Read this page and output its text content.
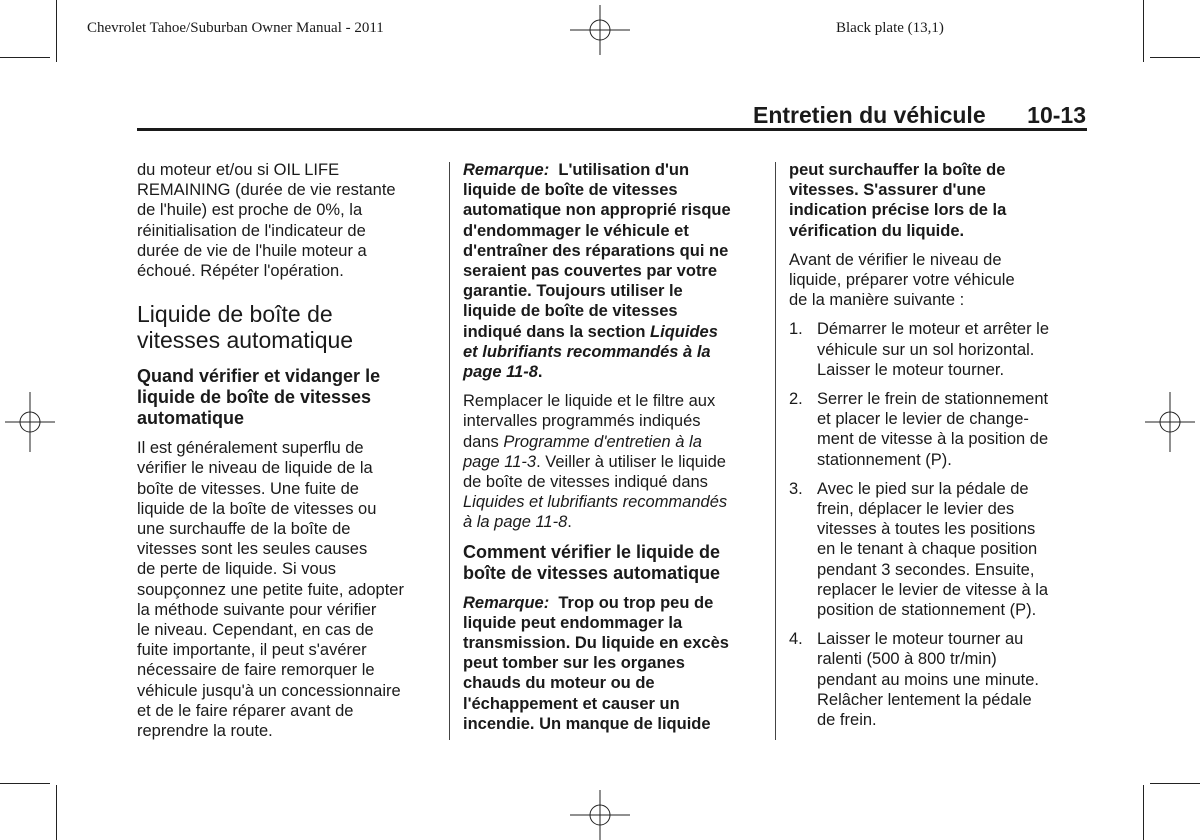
Chevrolet Tahoe/Suburban Owner Manual - 2011	Black plate (13,1)
Entretien du véhicule 10-13

du moteur et/ou si OIL LIFE
REMAINING (durée de vie restante
de l'huile) est proche de 0%, la
réinitialisation de l'indicateur de
durée de vie de l'huile moteur a
échoué. Répéter l'opération.

Liquide de boîte de
vitesses automatique
Quand vérifier et vidanger le
liquide de boîte de vitesses
automatique

Il est généralement superflu de
vérifier le niveau de liquide de la
boîte de vitesses. Une fuite de
liquide de la boîte de vitesses ou
une surchauffe de la boîte de
vitesses sont les seules causes
de perte de liquide. Si vous
soupçonnez une petite fuite, adopter
la méthode suivante pour vérifier
le niveau. Cependant, en cas de
fuite importante, il peut s'avérer
nécessaire de faire remorquer le
véhicule jusqu'à un concessionnaire
et de le faire réparer avant de
reprendre la route.

Remarque: L'utilisation d'un
liquide de boîte de vitesses
automatique non approprié risque
d'endommager le véhicule et
d'entraîner des réparations qui ne
seraient pas couvertes par votre
garantie. Toujours utiliser le
liquide de boîte de vitesses
indiqué dans la section Liquides
et lubrifiants recommandés à la
page 11-8.

Remplacer le liquide et le filtre aux
intervalles programmés indiqués
dans Programme d'entretien à la
page 11-3. Veiller à utiliser le liquide
de boîte de vitesses indiqué dans
Liquides et lubrifiants recommandés
à la page 11-8.

Comment vérifier le liquide de
boîte de vitesses automatique

Remarque: Trop ou trop peu de
liquide peut endommager la
transmission. Du liquide en excès
peut tomber sur les organes
chauds du moteur ou de
l'échappement et causer un
incendie. Un manque de liquide

peut surchauffer la boîte de
vitesses. S'assurer d'une
indication précise lors de la
vérification du liquide.

Avant de vérifier le niveau de
liquide, préparer votre véhicule
de la manière suivante :

1. Démarrer le moteur et arrêter le
véhicule sur un sol horizontal.
Laisser le moteur tourner.
2. Serrer le frein de stationnement
et placer le levier de change-
ment de vitesse à la position de
stationnement (P).
3. Avec le pied sur la pédale de
frein, déplacer le levier des
vitesses à toutes les positions
en le tenant à chaque position
pendant 3 secondes. Ensuite,
replacer le levier de vitesse à la
position de stationnement (P).
4. Laisser le moteur tourner au
ralenti (500 à 800 tr/min)
pendant au moins une minute.
Relâcher lentement la pédale
de frein.
